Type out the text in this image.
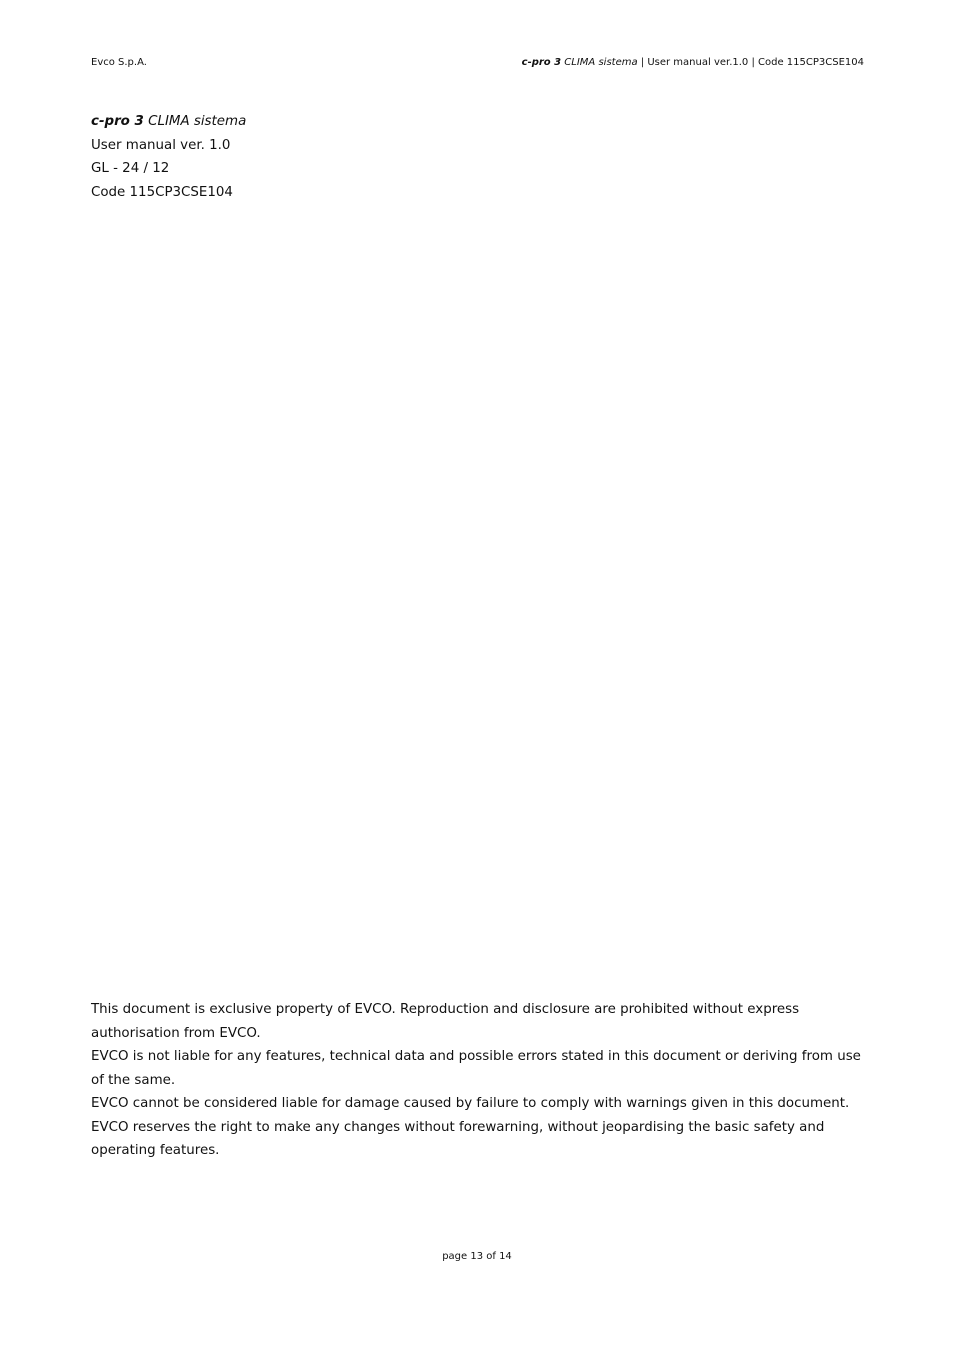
Evco S.p.A.	c-pro 3 CLIMA sistema | User manual ver.1.0 | Code 115CP3CSE104
c-pro 3 CLIMA sistema
User manual ver. 1.0
GL - 24 / 12
Code 115CP3CSE104

This document is exclusive property of EVCO. Reproduction and disclosure are prohibited without express authorisation from EVCO.

EVCO is not liable for any features, technical data and possible errors stated in this document or deriving from use of the same.

EVCO cannot be considered liable for damage caused by failure to comply with warnings given in this document.

EVCO reserves the right to make any changes without forewarning, without jeopardising the basic safety and operating features.

page 13 of 14
